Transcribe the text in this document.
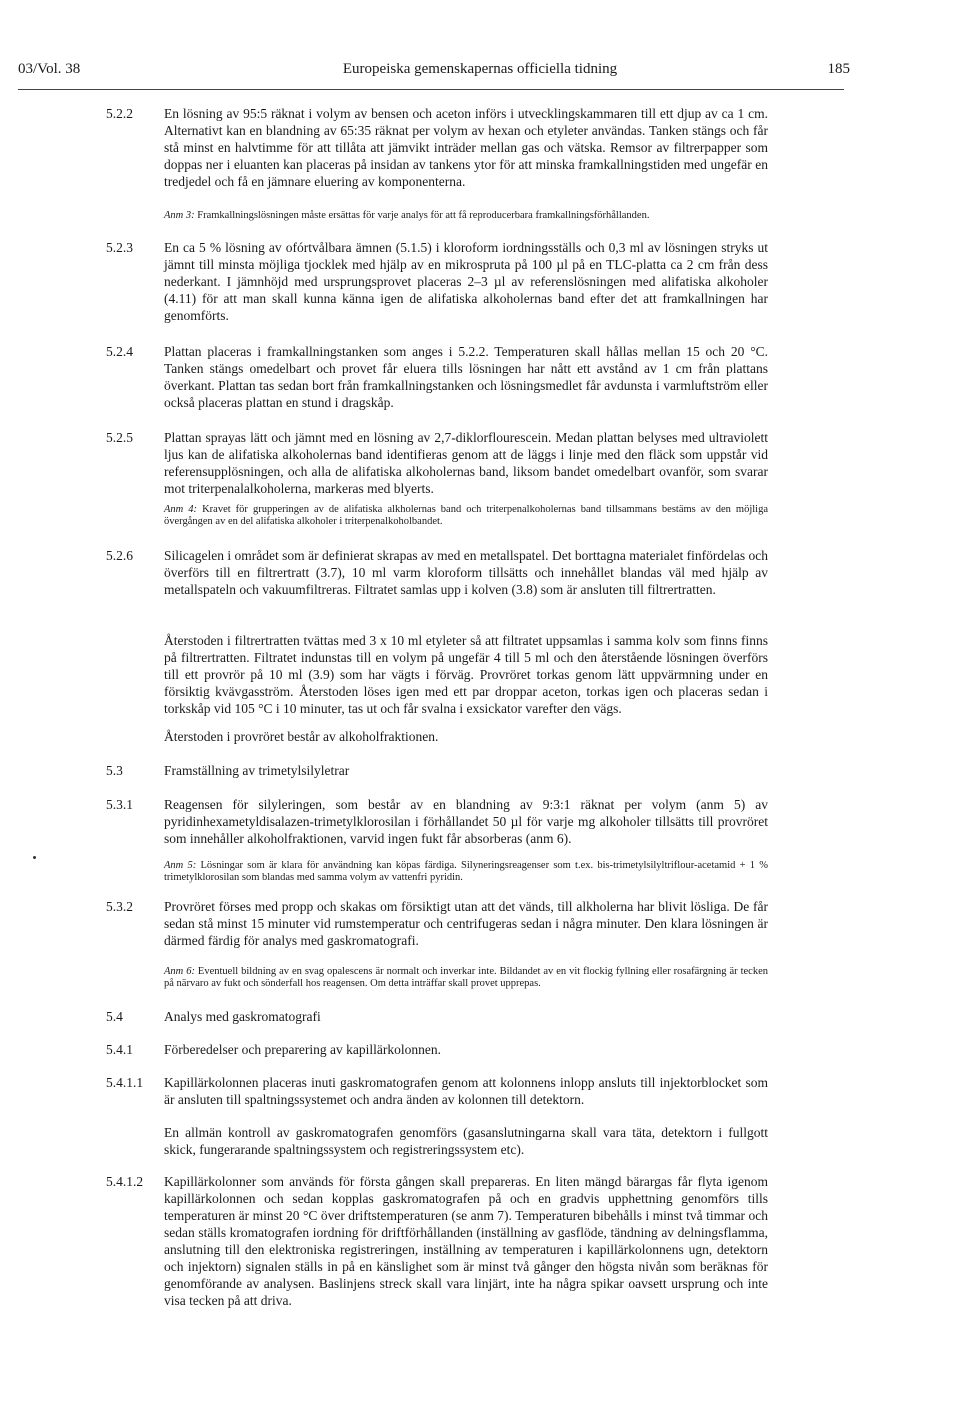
03/Vol. 38	Europeiska gemenskapernas officiella tidning	185
5.2.2 En lösning av 95:5 räknat i volym av bensen och aceton införs i utvecklingskammaren till ett djup av ca 1 cm. Alternativt kan en blandning av 65:35 räknat per volym av hexan och etyleter användas. Tanken stängs och får stå minst en halvtimme för att tillåta att jämvikt inträder mellan gas och vätska. Remsor av filtrerpapper som doppas ner i eluanten kan placeras på insidan av tankens ytor för att minska framkallningstiden med ungefär en tredjedel och få en jämnare eluering av komponenterna.

Anm 3: Framkallningslösningen måste ersättas för varje analys för att få reproducerbara framkallningsförhållanden.

5.2.3 En ca 5 % lösning av ofórtvålbara ämnen (5.1.5) i kloroform iordningsställs och 0,3 ml av lösningen stryks ut jämnt till minsta möjliga tjocklek med hjälp av en mikrospruta på 100 µl på en TLC-platta ca 2 cm från dess nederkant. I jämnhöjd med ursprungsprovet placeras 2–3 µl av referenslösningen med alifatiska alkoholer (4.11) för att man skall kunna känna igen de alifatiska alkoholernas band efter det att framkallningen har genomförts.

5.2.4 Plattan placeras i framkallningstanken som anges i 5.2.2. Temperaturen skall hållas mellan 15 och 20 °C. Tanken stängs omedelbart och provet får eluera tills lösningen har nått ett avstånd av 1 cm från plattans överkant. Plattan tas sedan bort från framkallningstanken och lösningsmedlet får avdunsta i varmluftström eller också placeras plattan en stund i dragskåp.

5.2.5 Plattan sprayas lätt och jämnt med en lösning av 2,7-diklorflourescein. Medan plattan belyses med ultraviolett ljus kan de alifatiska alkoholernas band identifieras genom att de läggs i linje med den fläck som uppstår vid referensupplösningen, och alla de alifatiska alkoholernas band, liksom bandet omedelbart ovanför, som svarar mot triterpenalalkoholerna, markeras med blyerts.

Anm 4: Kravet för grupperingen av de alifatiska alkholernas band och triterpenalkoholernas band tillsammans bestäms av den möjliga övergången av en del alifatiska alkoholer i triterpenalkoholbandet.

5.2.6 Silicagelen i området som är definierat skrapas av med en metallspatel. Det borttagna materialet finfördelas och överförs till en filtrertratt (3.7), 10 ml varm kloroform tillsätts och innehållet blandas väl med hjälp av metallspateln och vakuumfiltreras. Filtratet samlas upp i kolven (3.8) som är ansluten till filtrertratten.

Återstoden i filtrertratten tvättas med 3 x 10 ml etyleter så att filtratet uppsamlas i samma kolv som finns finns på filtrertratten. Filtratet indunstas till en volym på ungefär 4 till 5 ml och den återstående lösningen överförs till ett provrör på 10 ml (3.9) som har vägts i förväg. Provröret torkas genom lätt uppvärmning under en försiktig kvävgasström. Återstoden löses igen med ett par droppar aceton, torkas igen och placeras sedan i torkskåp vid 105 °C i 10 minuter, tas ut och får svalna i exsickator varefter den vägs.

Återstoden i provröret består av alkoholfraktionen.

5.3	Framställning av trimetylsilyletrar

5.3.1 Reagensen för silyleringen, som består av en blandning av 9:3:1 räknat per volym (anm 5) av pyridinhexametyldisalazen-trimetylklorosilan i förhållandet 50 µl för varje mg alkoholer tillsätts till provröret som innehåller alkoholfraktionen, varvid ingen fukt får absorberas (anm 6).

Anm 5: Lösningar som är klara för användning kan köpas färdiga. Silyneringsreagenser som t.ex. bis-trimetylsilyltriflour-acetamid + 1 % trimetylklorosilan som blandas med samma volym av vattenfri pyridin.

5.3.2 Provröret förses med propp och skakas om försiktigt utan att det vänds, till alkholerna har blivit lösliga. De får sedan stå minst 15 minuter vid rumstemperatur och centrifugeras sedan i några minuter. Den klara lösningen är därmed färdig för analys med gaskromatografi.

Anm 6: Eventuell bildning av en svag opalescens är normalt och inverkar inte. Bildandet av en vit flockig fyllning eller rosafärgning är tecken på närvaro av fukt och sönderfall hos reagensen. Om detta inträffar skall provet upprepas.

5.4	Analys med gaskromatografi

5.4.1 Förberedelser och preparering av kapillärkolonnen.

5.4.1.1 Kapillärkolonnen placeras inuti gaskromatografen genom att kolonnens inlopp ansluts till injektorblocket som är ansluten till spaltningssystemet och andra änden av kolonnen till detektorn.

En allmän kontroll av gaskromatografen genomförs (gasanslutningarna skall vara täta, detektorn i fullgott skick, fungerarande spaltningssystem och registreringssystem etc).

5.4.1.2 Kapillärkolonner som används för första gången skall prepareras. En liten mängd bärargas får flyta igenom kapillärkolonnen och sedan kopplas gaskromatografen på och en gradvis upphettning genomförs tills temperaturen är minst 20 °C över driftstemperaturen (se anm 7). Temperaturen bibehålls i minst två timmar och sedan ställs kromatografen iordning för driftförhållanden (inställning av gasflöde, tändning av delningsflamma, anslutning till den elektroniska registreringen, inställning av temperaturen i kapillärkolonnens ugn, detektorn och injektorn) signalen ställs in på en känslighet som är minst två gånger den högsta nivån som beräknas för genomförande av analysen. Baslinjens streck skall vara linjärt, inte ha några spikar oavsett ursprung och inte visa tecken på att driva.
